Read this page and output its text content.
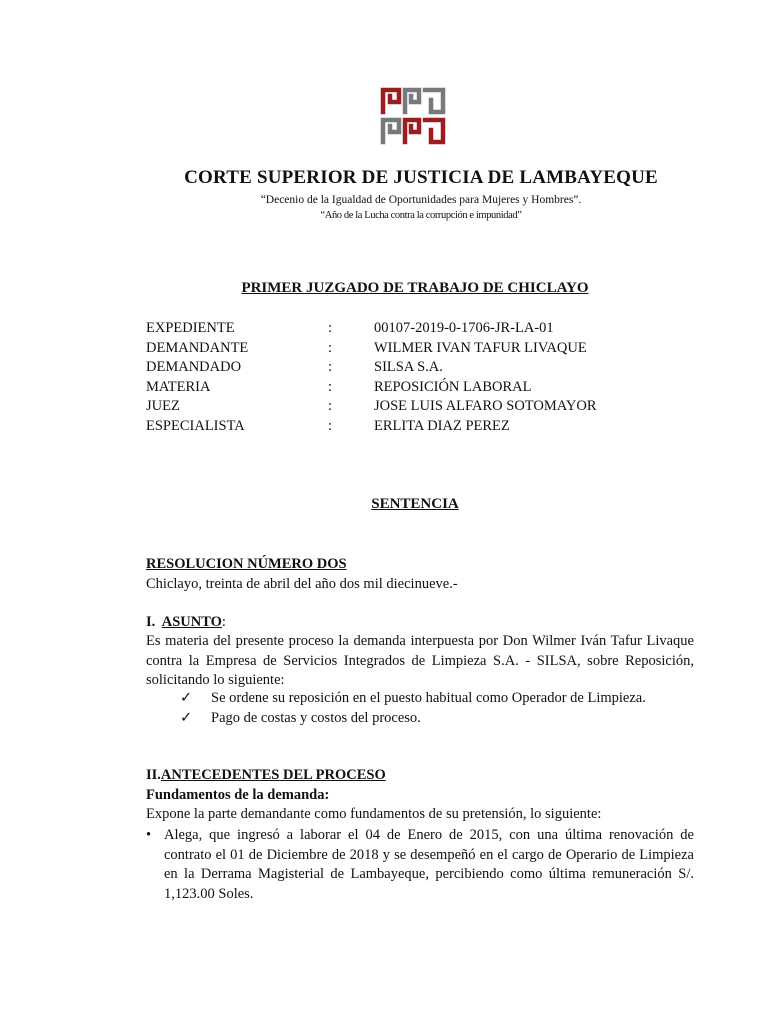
CORTE SUPERIOR DE JUSTICIA DE LAMBAYEQUE
“Decenio de la Igualdad de Oportunidades para Mujeres y Hombres”.
“Año de la Lucha contra la corrupción e impunidad”
PRIMER JUZGADO DE TRABAJO DE CHICLAYO
EXPEDIENTE	:	00107-2019-0-1706-JR-LA-01
DEMANDANTE	:	WILMER IVAN TAFUR LIVAQUE
DEMANDADO	:	SILSA S.A.
MATERIA	:	REPOSICIÓN LABORAL
JUEZ	:	JOSE LUIS ALFARO SOTOMAYOR
ESPECIALISTA	:	ERLITA DIAZ PEREZ
SENTENCIA
RESOLUCION NÚMERO DOS
Chiclayo, treinta de abril del año dos mil diecinueve.-
I. ASUNTO:
Es materia del presente proceso la demanda interpuesta por Don Wilmer Iván Tafur Livaque contra la Empresa de Servicios Integrados de Limpieza S.A. - SILSA, sobre Reposición, solicitando lo siguiente:
✓ Se ordene su reposición en el puesto habitual como Operador de Limpieza.
✓ Pago de costas y costos del proceso.
II.ANTECEDENTES DEL PROCESO
Fundamentos de la demanda:
Expone la parte demandante como fundamentos de su pretensión, lo siguiente:
• Alega, que ingresó a laborar el 04 de Enero de 2015, con una última renovación de contrato el 01 de Diciembre de 2018 y se desempeñó en el cargo de Operario de Limpieza en la Derrama Magisterial de Lambayeque, percibiendo como última remuneración S/. 1,123.00 Soles.
